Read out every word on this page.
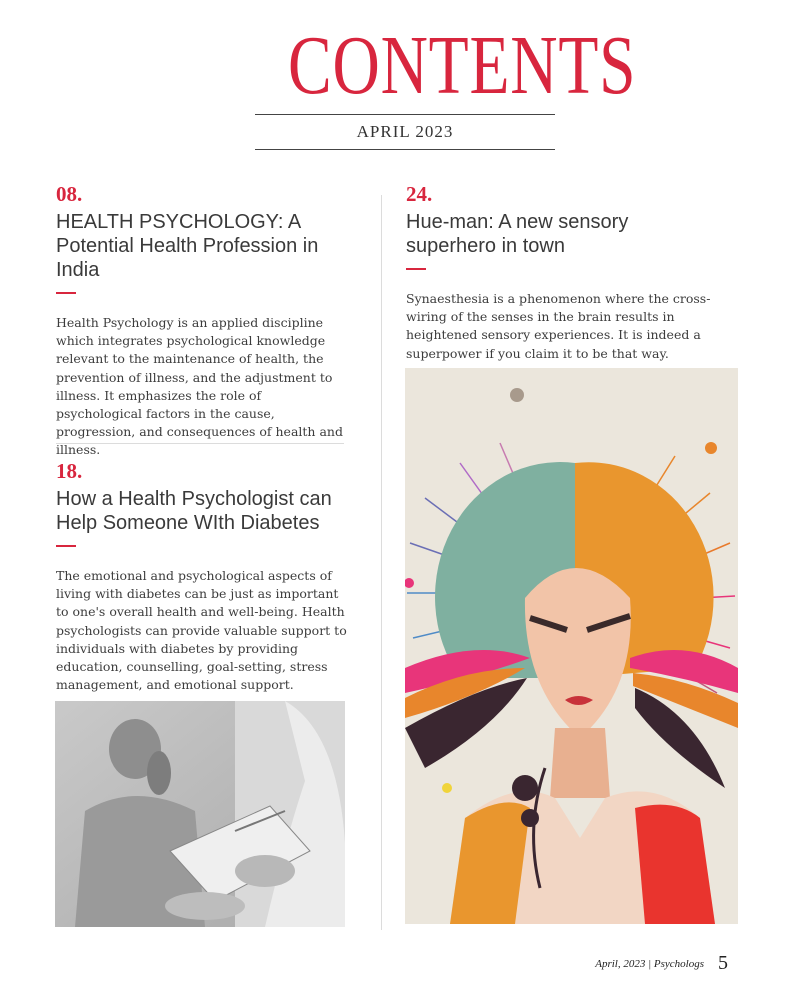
CONTENTS
APRIL 2023
08.
HEALTH PSYCHOLOGY: A Potential Health Profession in India
Health Psychology is an applied discipline which integrates psychological knowledge relevant to the maintenance of health, the prevention of illness, and the adjustment to illness. It emphasizes the role of psychological factors in the cause, progression, and consequences of health and illness.
18.
How a Health Psychologist can Help Someone WIth Diabetes
The emotional and psychological aspects of living with diabetes can be just as important to one's overall health and well-being. Health psychologists can provide valuable support to individuals with diabetes by providing education, counselling, goal-setting, stress management, and emotional support.
24.
Hue-man: A new sensory superhero in town
Synaesthesia is a phenomenon where the cross-wiring of the senses in the brain results in heightened sensory experiences. It is indeed a superpower if you claim it to be that way.
April, 2023 | Psychologs 5
